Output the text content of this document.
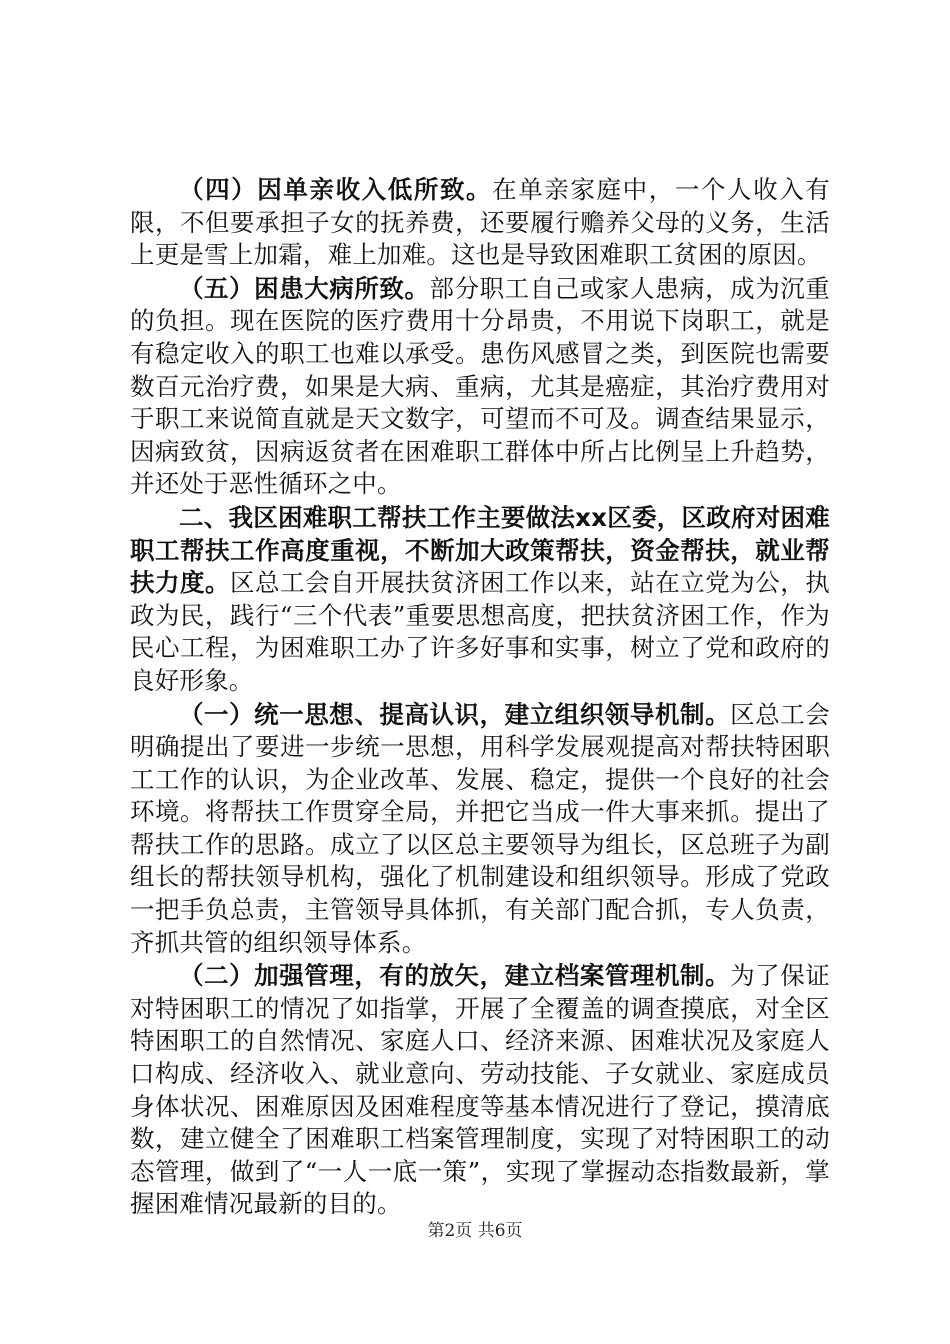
（四）因单亲收入低所致。在单亲家庭中，一个人收入有限，不但要承担子女的抚养费，还要履行赡养父母的义务，生活上更是雪上加霜，难上加难。这也是导致困难职工贫困的原因。

（五）困患大病所致。部分职工自己或家人患病，成为沉重的负担。现在医院的医疗费用十分昂贵，不用说下岗职工，就是有稳定收入的职工也难以承受。患伤风感冒之类，到医院也需要数百元治疗费，如果是大病、重病，尤其是癌症，其治疗费用对于职工来说简直就是天文数字，可望而不可及。调查结果显示，因病致贫，因病返贫者在困难职工群体中所占比例呈上升趋势，并还处于恶性循环之中。

二、我区困难职工帮扶工作主要做法xx区委，区政府对困难职工帮扶工作高度重视，不断加大政策帮扶，资金帮扶，就业帮扶力度。区总工会自开展扶贫济困工作以来，站在立党为公，执政为民，践行“三个代表”重要思想高度，把扶贫济困工作，作为民心工程，为困难职工办了许多好事和实事，树立了党和政府的良好形象。

（一）统一思想、提高认识，建立组织领导机制。区总工会明确提出了要进一步统一思想，用科学发展观提高对帮扶特困职工工作的认识，为企业改革、发展、稳定，提供一个良好的社会环境。将帮扶工作贯穿全局，并把它当成一件大事来抓。提出了帮扶工作的思路。成立了以区总主要领导为组长，区总班子为副组长的帮扶领导机构，强化了机制建设和组织领导。形成了党政一把手负总责，主管领导具体抓，有关部门配合抓，专人负责，齐抓共管的组织领导体系。

（二）加强管理，有的放矢，建立档案管理机制。为了保证对特困职工的情况了如指掌，开展了全覆盖的调查摸底，对全区特困职工的自然情况、家庭人口、经济来源、困难状况及家庭人口构成、经济收入、就业意向、劳动技能、子女就业、家庭成员身体状况、困难原因及困难程度等基本情况进行了登记，摸清底数，建立健全了困难职工档案管理制度，实现了对特困职工的动态管理，做到了“一人一底一策”，实现了掌握动态指数最新，掌握困难情况最新的目的。

第2页 共6页
